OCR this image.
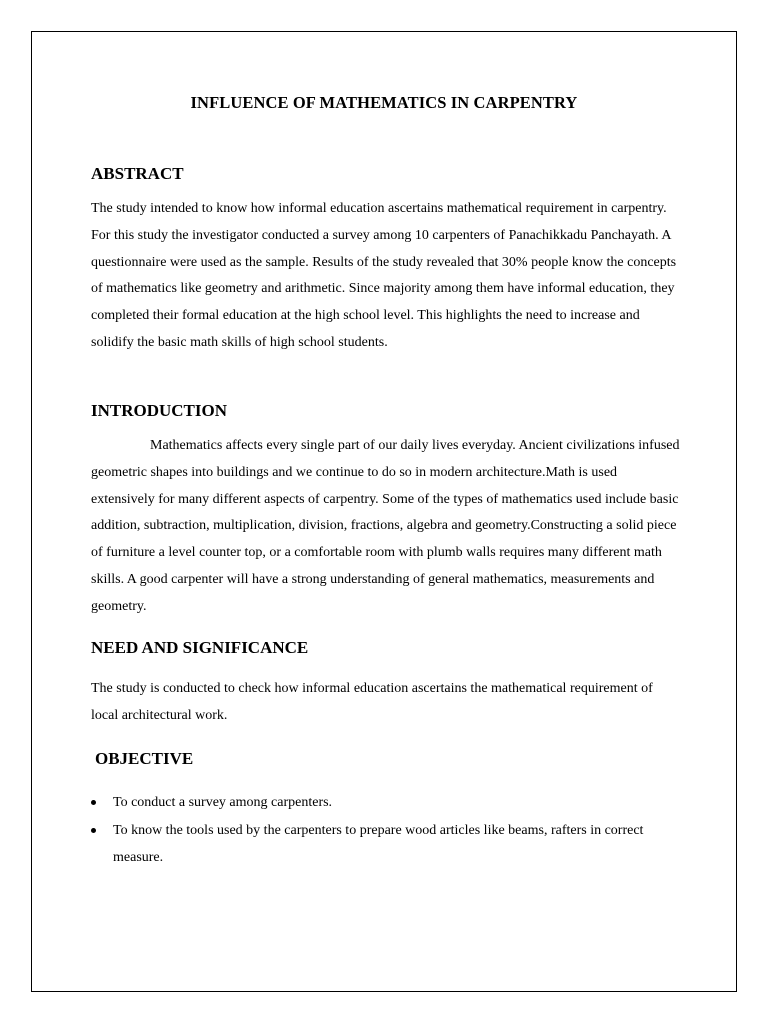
INFLUENCE OF MATHEMATICS IN CARPENTRY
ABSTRACT

The study intended to know how informal education ascertains mathematical requirement in carpentry. For this study the investigator conducted a survey among 10 carpenters of Panachikkadu Panchayath. A questionnaire were used as the sample. Results of the study revealed that 30% people know the concepts of mathematics like geometry and arithmetic. Since majority among them have informal education, they completed their formal education at the high school level. This highlights the need to increase and solidify the basic math skills of high school students.

INTRODUCTION

Mathematics affects every single part of our daily lives everyday. Ancient civilizations infused geometric shapes into buildings and we continue to do so in modern architecture.Math is used extensively for many different aspects of carpentry. Some of the types of mathematics used include basic addition, subtraction, multiplication, division, fractions, algebra and geometry.Constructing a solid piece of furniture a level counter top, or a comfortable room with plumb walls requires many different math skills. A good carpenter will have a strong understanding of general mathematics, measurements and geometry.

NEED AND SIGNIFICANCE

The study is conducted to check how informal education ascertains the mathematical requirement of local architectural work.

OBJECTIVE
To conduct a survey among carpenters.
To know the tools used by the carpenters to prepare wood articles like beams, rafters in correct measure.
